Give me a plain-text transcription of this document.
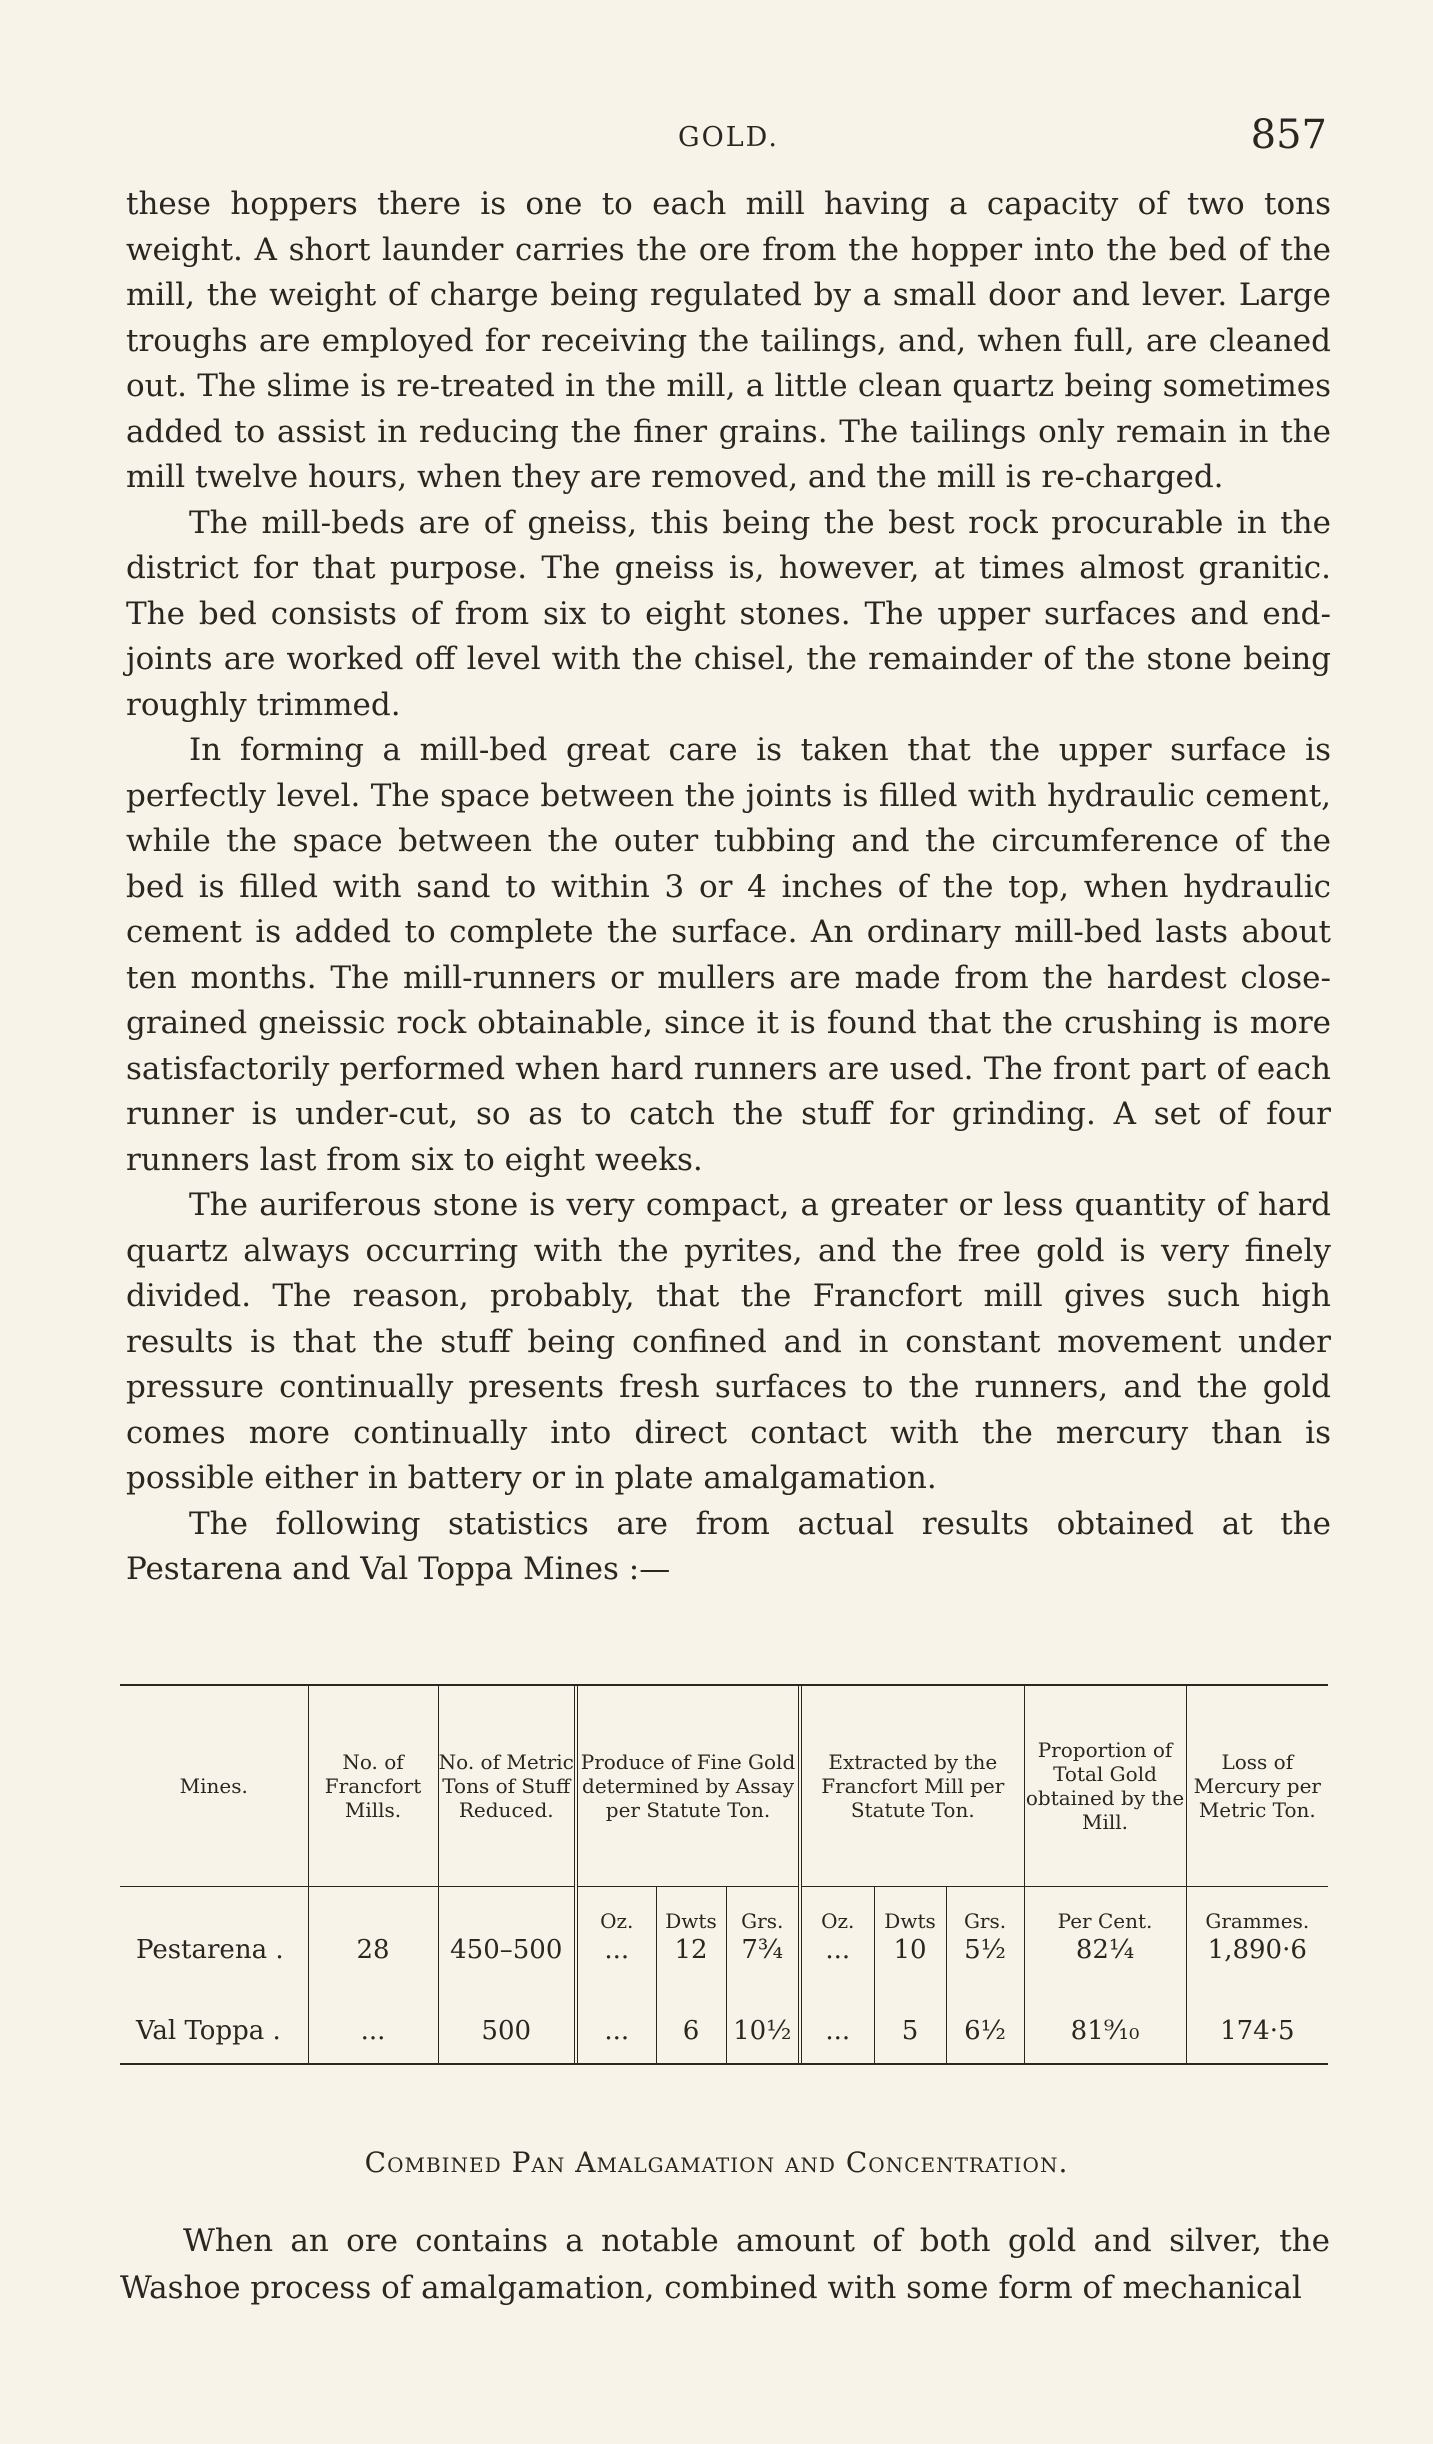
GOLD.	857

these hoppers there is one to each mill having a capacity of two tons weight. A short launder carries the ore from the hopper into the bed of the mill, the weight of charge being regulated by a small door and lever. Large troughs are employed for receiving the tailings, and, when full, are cleaned out. The slime is re-treated in the mill, a little clean quartz being sometimes added to assist in reducing the finer grains. The tailings only remain in the mill twelve hours, when they are removed, and the mill is re-charged.

The mill-beds are of gneiss, this being the best rock procurable in the district for that purpose. The gneiss is, however, at times almost granitic. The bed consists of from six to eight stones. The upper surfaces and end-joints are worked off level with the chisel, the remainder of the stone being roughly trimmed.

In forming a mill-bed great care is taken that the upper surface is perfectly level. The space between the joints is filled with hydraulic cement, while the space between the outer tubbing and the circumference of the bed is filled with sand to within 3 or 4 inches of the top, when hydraulic cement is added to complete the surface. An ordinary mill-bed lasts about ten months. The mill-runners or mullers are made from the hardest close-grained gneissic rock obtainable, since it is found that the crushing is more satisfactorily performed when hard runners are used. The front part of each runner is under-cut, so as to catch the stuff for grinding. A set of four runners last from six to eight weeks.

The auriferous stone is very compact, a greater or less quantity of hard quartz always occurring with the pyrites, and the free gold is very finely divided. The reason, probably, that the Francfort mill gives such high results is that the stuff being confined and in constant movement under pressure continually presents fresh surfaces to the runners, and the gold comes more continually into direct contact with the mercury than is possible either in battery or in plate amalgamation.

The following statistics are from actual results obtained at the Pestarena and Val Toppa Mines :—

Mines.	No. of Francfort Mills.	No. of Metric Tons of Stuff Reduced.	Produce of Fine Gold determined by Assay per Statute Ton.			Extracted by the Francfort Mill per Statute Ton.			Proportion of Total Gold obtained by the Mill.	Loss of Mercury per Metric Ton.
			Oz.	Dwts	Grs.	Oz.	Dwts	Grs.	Per Cent.	Grammes.
Pestarena .	28	450–500	...	12	7¾	...	10	5½	82¼	1,890·6
Val Toppa .	...	500	...	6	10½	...	5	6½	81⁹⁄₁₀	174·5
Combined Pan Amalgamation and Concentration.

When an ore contains a notable amount of both gold and silver, the Washoe process of amalgamation, combined with some form of mechanical
